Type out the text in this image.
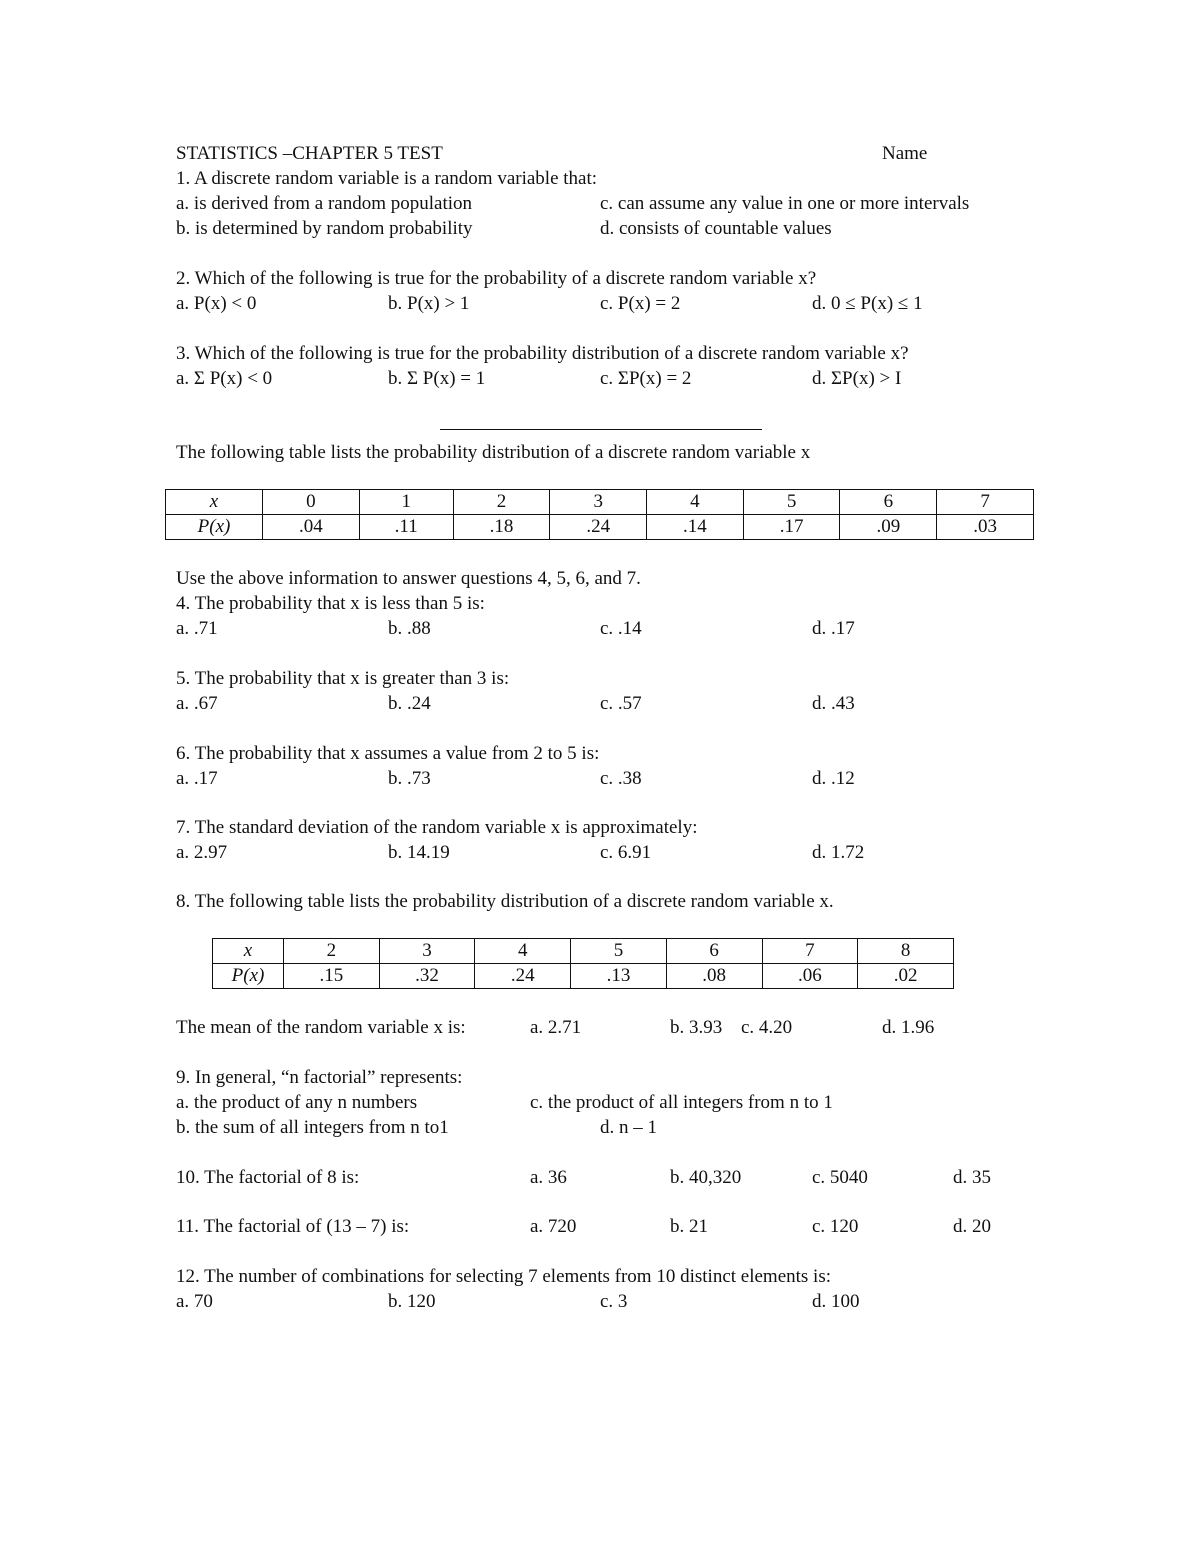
STATISTICS –CHAPTER 5 TEST	Name
1. A discrete random variable is a random variable that:
a. is derived from a random population	c. can assume any value in one or more intervals
b. is determined by random probability	d. consists of countable values
2. Which of the following is true for the probability of a discrete random variable x?
a. P(x) < 0	b. P(x) > 1	c. P(x) = 2	d. 0 ≤ P(x) ≤ 1
3. Which of the following is true for the probability distribution of a discrete random variable x?
a. Σ P(x) < 0	b. Σ P(x) = 1	c. ΣP(x) = 2	d. ΣP(x) > I
The following table lists the probability distribution of a discrete random variable x
x	0	1	2	3	4	5	6	7
P(x)	.04	.11	.18	.24	.14	.17	.09	.03
Use the above information to answer questions 4, 5, 6, and 7.
4. The probability that x is less than 5 is:
a. .71	b. .88	c. .14	d. .17
5. The probability that x is greater than 3 is:
a. .67	b. .24	c. .57	d. .43
6. The probability that x assumes a value from 2 to 5 is:
a. .17	b. .73	c. .38	d. .12
7. The standard deviation of the random variable x is approximately:
a. 2.97	b. 14.19	c. 6.91	d. 1.72
8. The following table lists the probability distribution of a discrete random variable x.
x	2	3	4	5	6	7	8
P(x)	.15	.32	.24	.13	.08	.06	.02
The mean of the random variable x is:	a. 2.71	b. 3.93 c. 4.20	d. 1.96
9. In general, “n factorial” represents:
a. the product of any n numbers	c. the product of all integers from n to 1
b. the sum of all integers from n to1	d. n – 1
10. The factorial of 8 is:	a. 36	b. 40,320	c. 5040	d. 35
11. The factorial of (13 – 7) is:	a. 720	b. 21	c. 120	d. 20
12. The number of combinations for selecting 7 elements from 10 distinct elements is:
a. 70	b. 120	c. 3	d. 100
